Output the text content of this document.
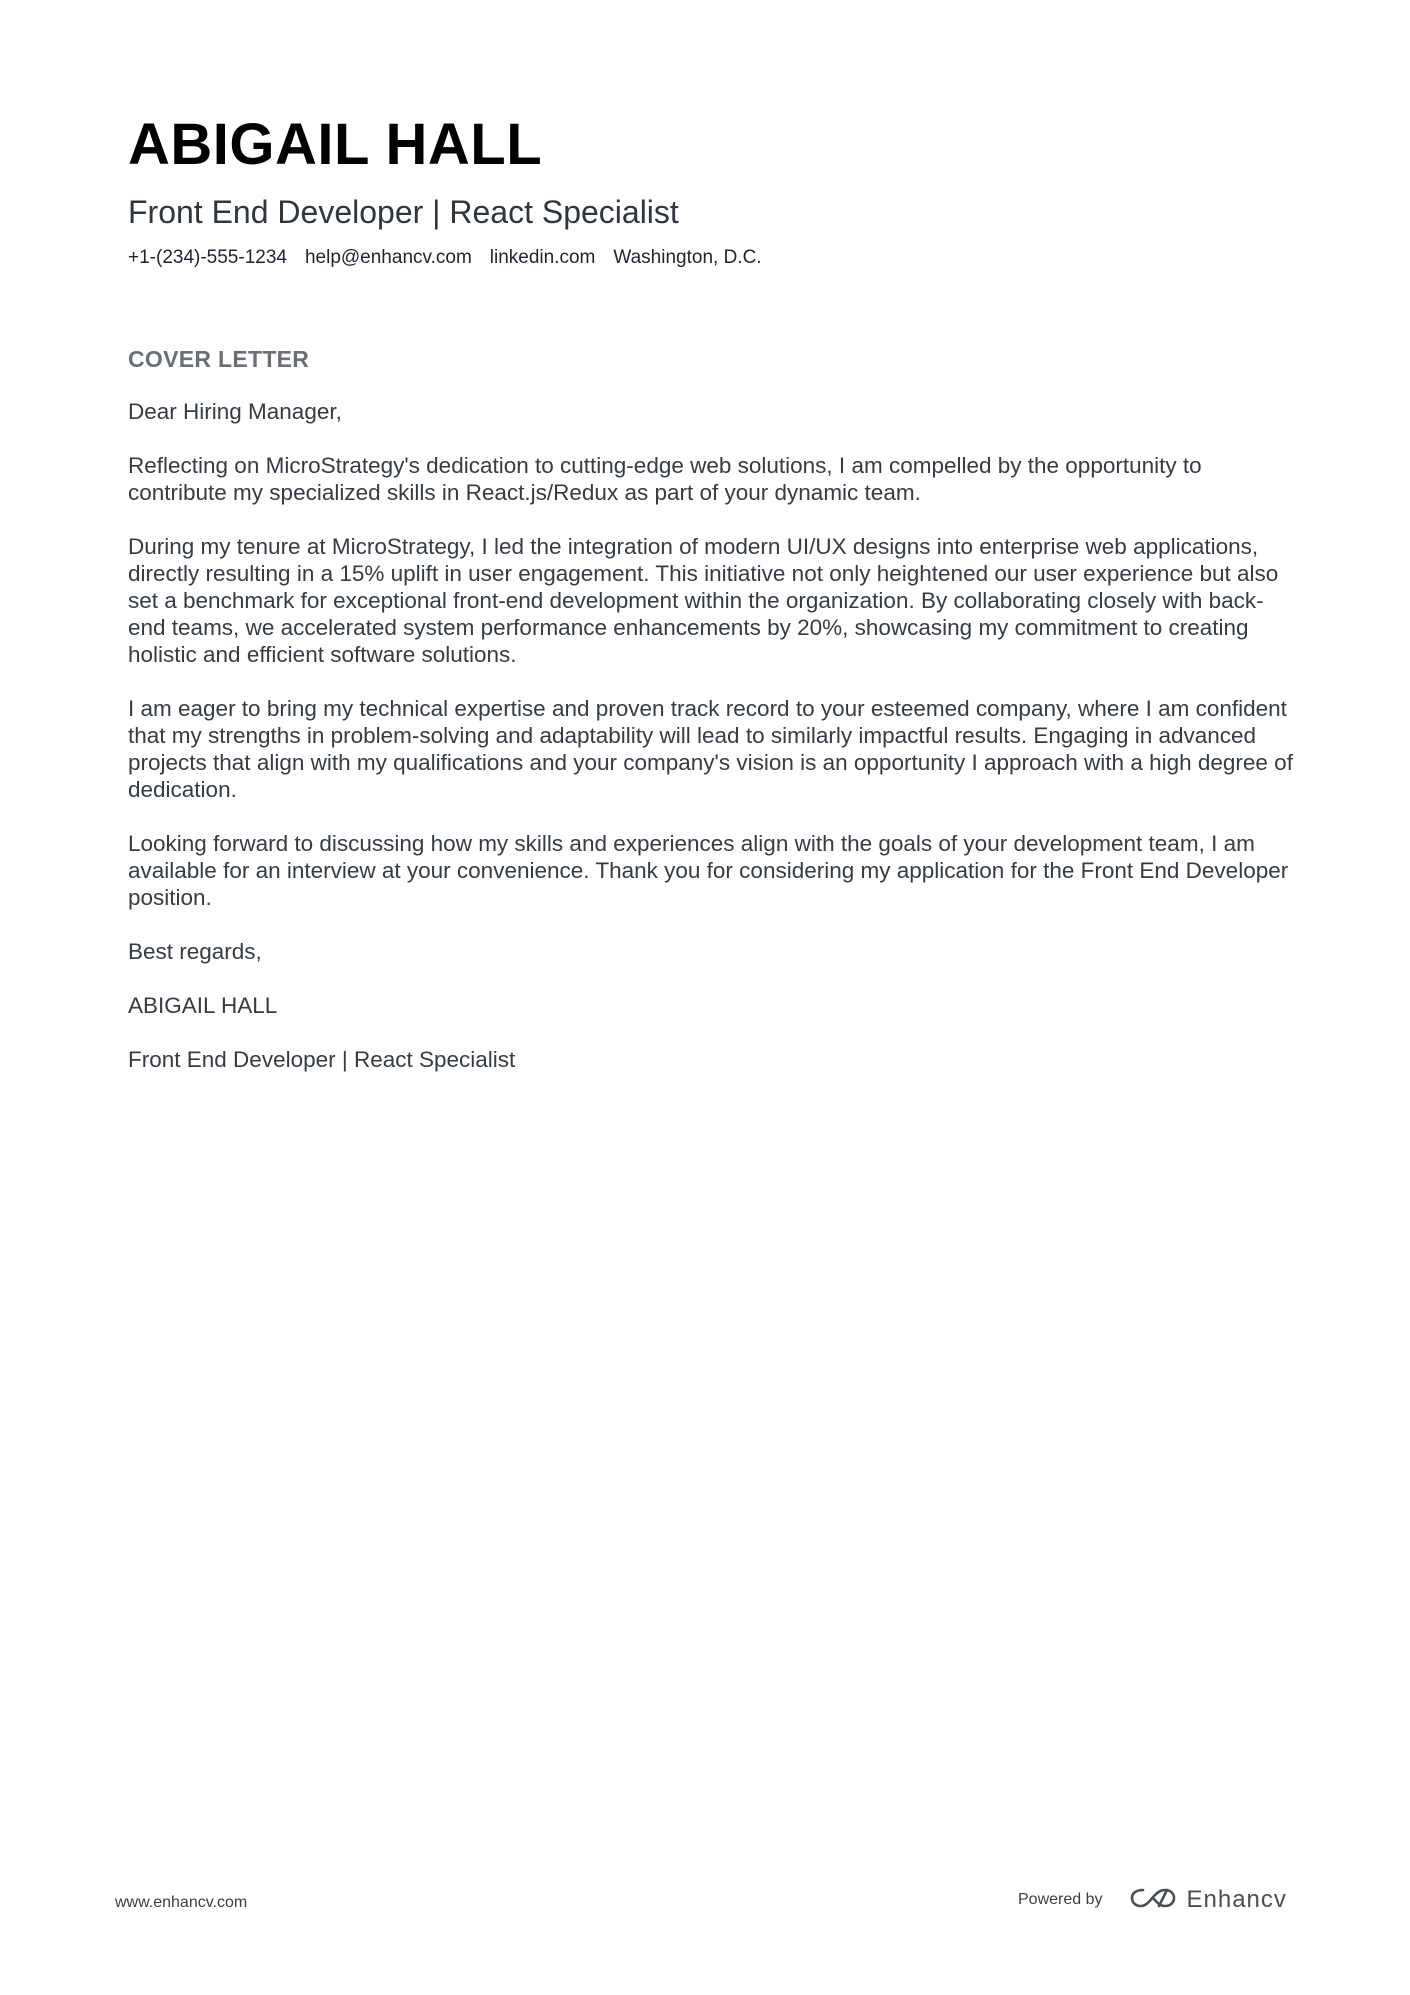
ABIGAIL HALL
Front End Developer | React Specialist
+1-(234)-555-1234 help@enhancv.com linkedin.com Washington, D.C.
COVER LETTER

Dear Hiring Manager,

Reflecting on MicroStrategy's dedication to cutting-edge web solutions, I am compelled by the opportunity to contribute my specialized skills in React.js/Redux as part of your dynamic team.

During my tenure at MicroStrategy, I led the integration of modern UI/UX designs into enterprise web applications, directly resulting in a 15% uplift in user engagement. This initiative not only heightened our user experience but also set a benchmark for exceptional front-end development within the organization. By collaborating closely with back-end teams, we accelerated system performance enhancements by 20%, showcasing my commitment to creating holistic and efficient software solutions.

I am eager to bring my technical expertise and proven track record to your esteemed company, where I am confident that my strengths in problem-solving and adaptability will lead to similarly impactful results. Engaging in advanced projects that align with my qualifications and your company's vision is an opportunity I approach with a high degree of dedication.

Looking forward to discussing how my skills and experiences align with the goals of your development team, I am available for an interview at your convenience. Thank you for considering my application for the Front End Developer position.

Best regards,

ABIGAIL HALL

Front End Developer | React Specialist

www.enhancv.com	Powered by	Enhancv
